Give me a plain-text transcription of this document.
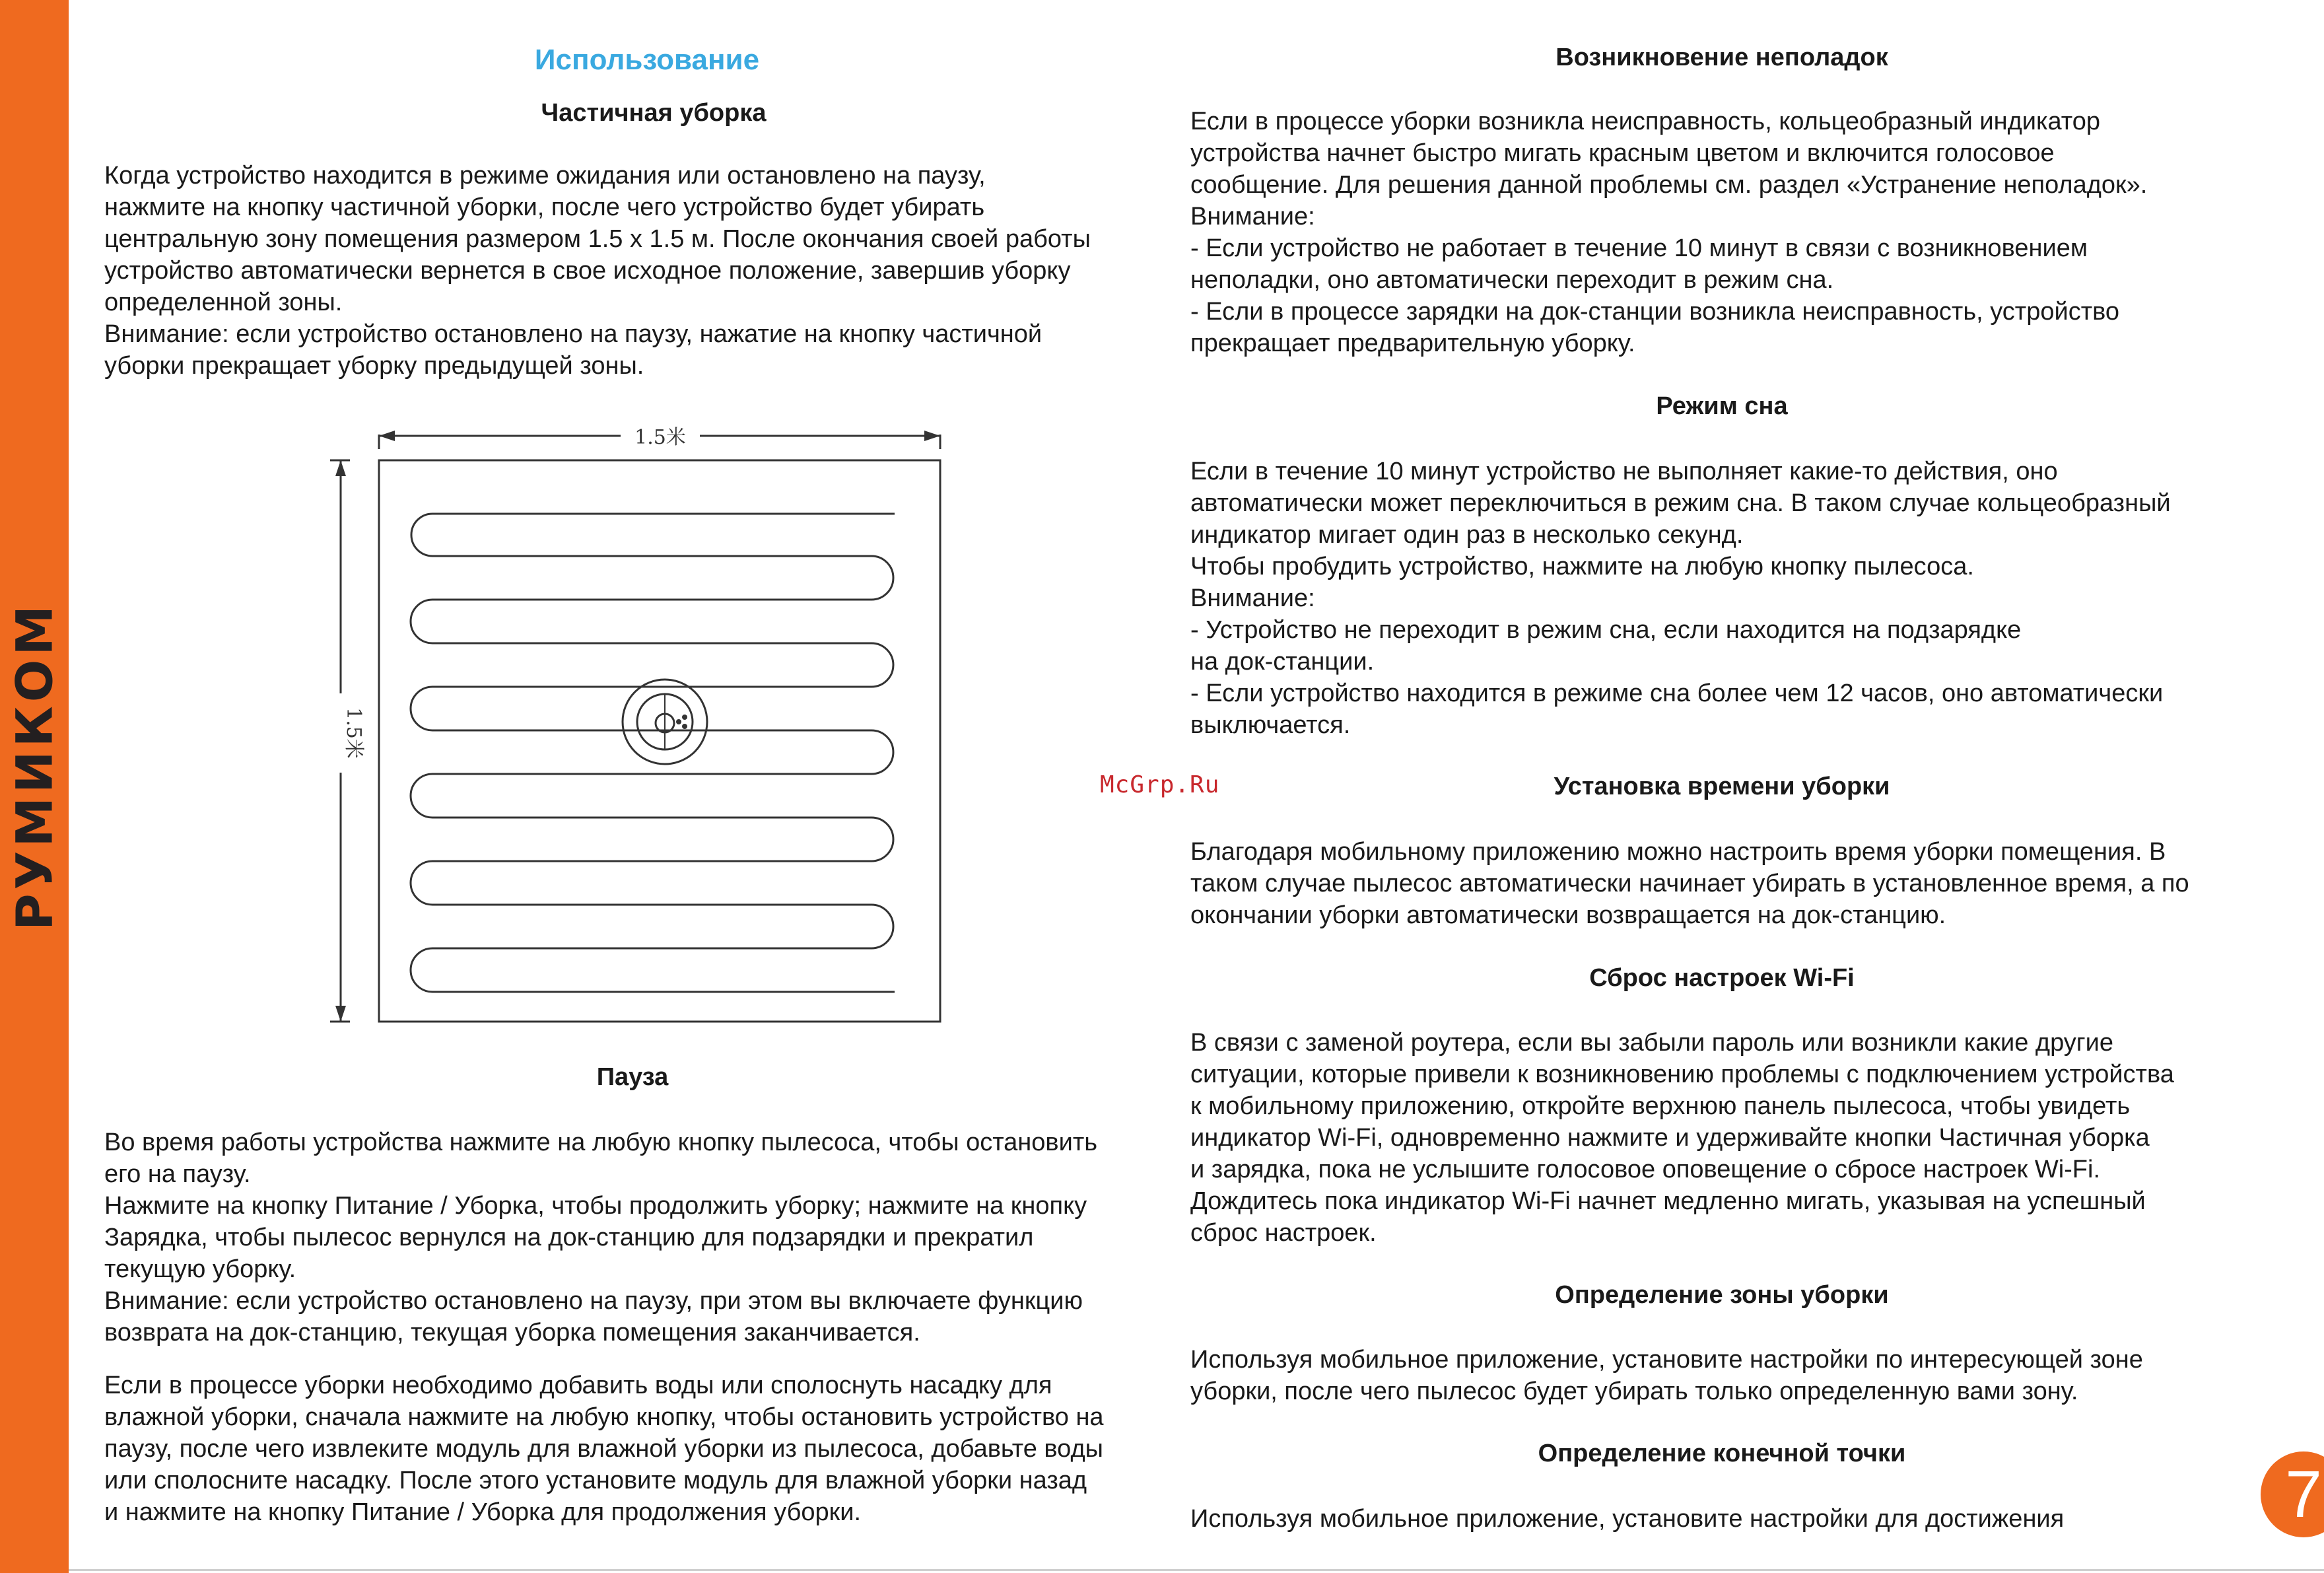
РУМИКОМ
Использование
Частичная уборка
Когда устройство находится в режиме ожидания или остановлено на паузу,
нажмите на кнопку частичной уборки, после чего устройство будет убирать
центральную зону помещения размером 1.5 x 1.5 м. После окончания своей работы
устройство автоматически вернется в свое исходное положение, завершив уборку
определенной зоны.
Внимание: если устройство остановлено на паузу, нажатие на кнопку частичной
уборки прекращает уборку предыдущей зоны.
Пауза
Во время работы устройства нажмите на любую кнопку пылесоса, чтобы остановить
его на паузу.
Нажмите на кнопку Питание / Уборка, чтобы продолжить уборку; нажмите на кнопку
Зарядка, чтобы пылесос вернулся на док-станцию для подзарядки и прекратил
текущую уборку.
Внимание: если устройство остановлено на паузу, при этом вы включаете функцию
возврата на док-станцию, текущая уборка помещения заканчивается.
Если в процессе уборки необходимо добавить воды или сполоснуть насадку для
влажной уборки, сначала нажмите на любую кнопку, чтобы остановить устройство на
паузу, после чего извлеките модуль для влажной уборки из пылесоса, добавьте воды
или сполосните насадку. После этого установите модуль для влажной уборки назад
и нажмите на кнопку Питание / Уборка для продолжения уборки.
1.5米
1.5米
Возникновение неполадок
Если в процессе уборки возникла неисправность, кольцеобразный индикатор
устройства начнет быстро мигать красным цветом и включится голосовое
сообщение. Для решения данной проблемы см. раздел «Устранение неполадок».
Внимание:
- Если устройство не работает в течение 10 минут в связи с возникновением
неполадки, оно автоматически переходит в режим сна.
- Если в процессе зарядки на док-станции возникла неисправность, устройство
прекращает предварительную уборку.
Режим сна
Если в течение 10 минут устройство не выполняет какие-то действия, оно
автоматически может переключиться в режим сна. В таком случае кольцеобразный
индикатор мигает один раз в несколько секунд.
Чтобы пробудить устройство, нажмите на любую кнопку пылесоса.
Внимание:
- Устройство не переходит в режим сна, если находится на подзарядке
на док-станции.
- Если устройство находится в режиме сна более чем 12 часов, оно автоматически
выключается.
Установка времени уборки
Благодаря мобильному приложению можно настроить время уборки помещения. В
таком случае пылесос автоматически начинает убирать в установленное время, а по
окончании уборки автоматически возвращается на док-станцию.
Сброс настроек Wi-Fi
В связи с заменой роутера, если вы забыли пароль или возникли какие другие
ситуации, которые привели к возникновению проблемы с подключением устройства
к мобильному приложению, откройте верхнюю панель пылесоса, чтобы увидеть
индикатор Wi-Fi, одновременно нажмите и удерживайте кнопки Частичная уборка
и зарядка, пока не услышите голосовое оповещение о сбросе настроек Wi-Fi.
Дождитесь пока индикатор Wi-Fi начнет медленно мигать, указывая на успешный
сброс настроек.
Определение зоны уборки
Используя мобильное приложение, установите настройки по интересующей зоне
уборки, после чего пылесос будет убирать только определенную вами зону.
Определение конечной точки
Используя мобильное приложение, установите настройки для достижения
McGrp.Ru
7
